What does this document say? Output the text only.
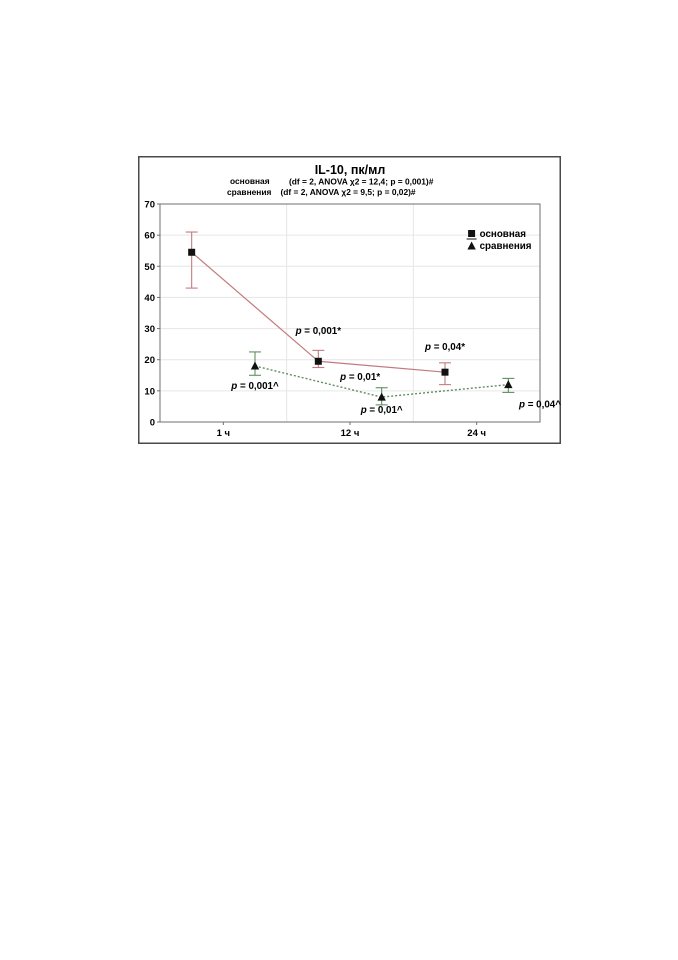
IL-10, пк/мл
основная (df = 2, ANOVA χ2 = 12,4; p = 0,001)#
сравнения (df = 2, ANOVA χ2 = 9,5; p = 0,02)#
0
10
20
30
40
50
60
70
1 ч	12 ч	24 ч
p = 0,001*
p = 0,04*
p = 0,001^
p = 0,01*
p = 0,01^
p = 0,04^
основная
сравнения
